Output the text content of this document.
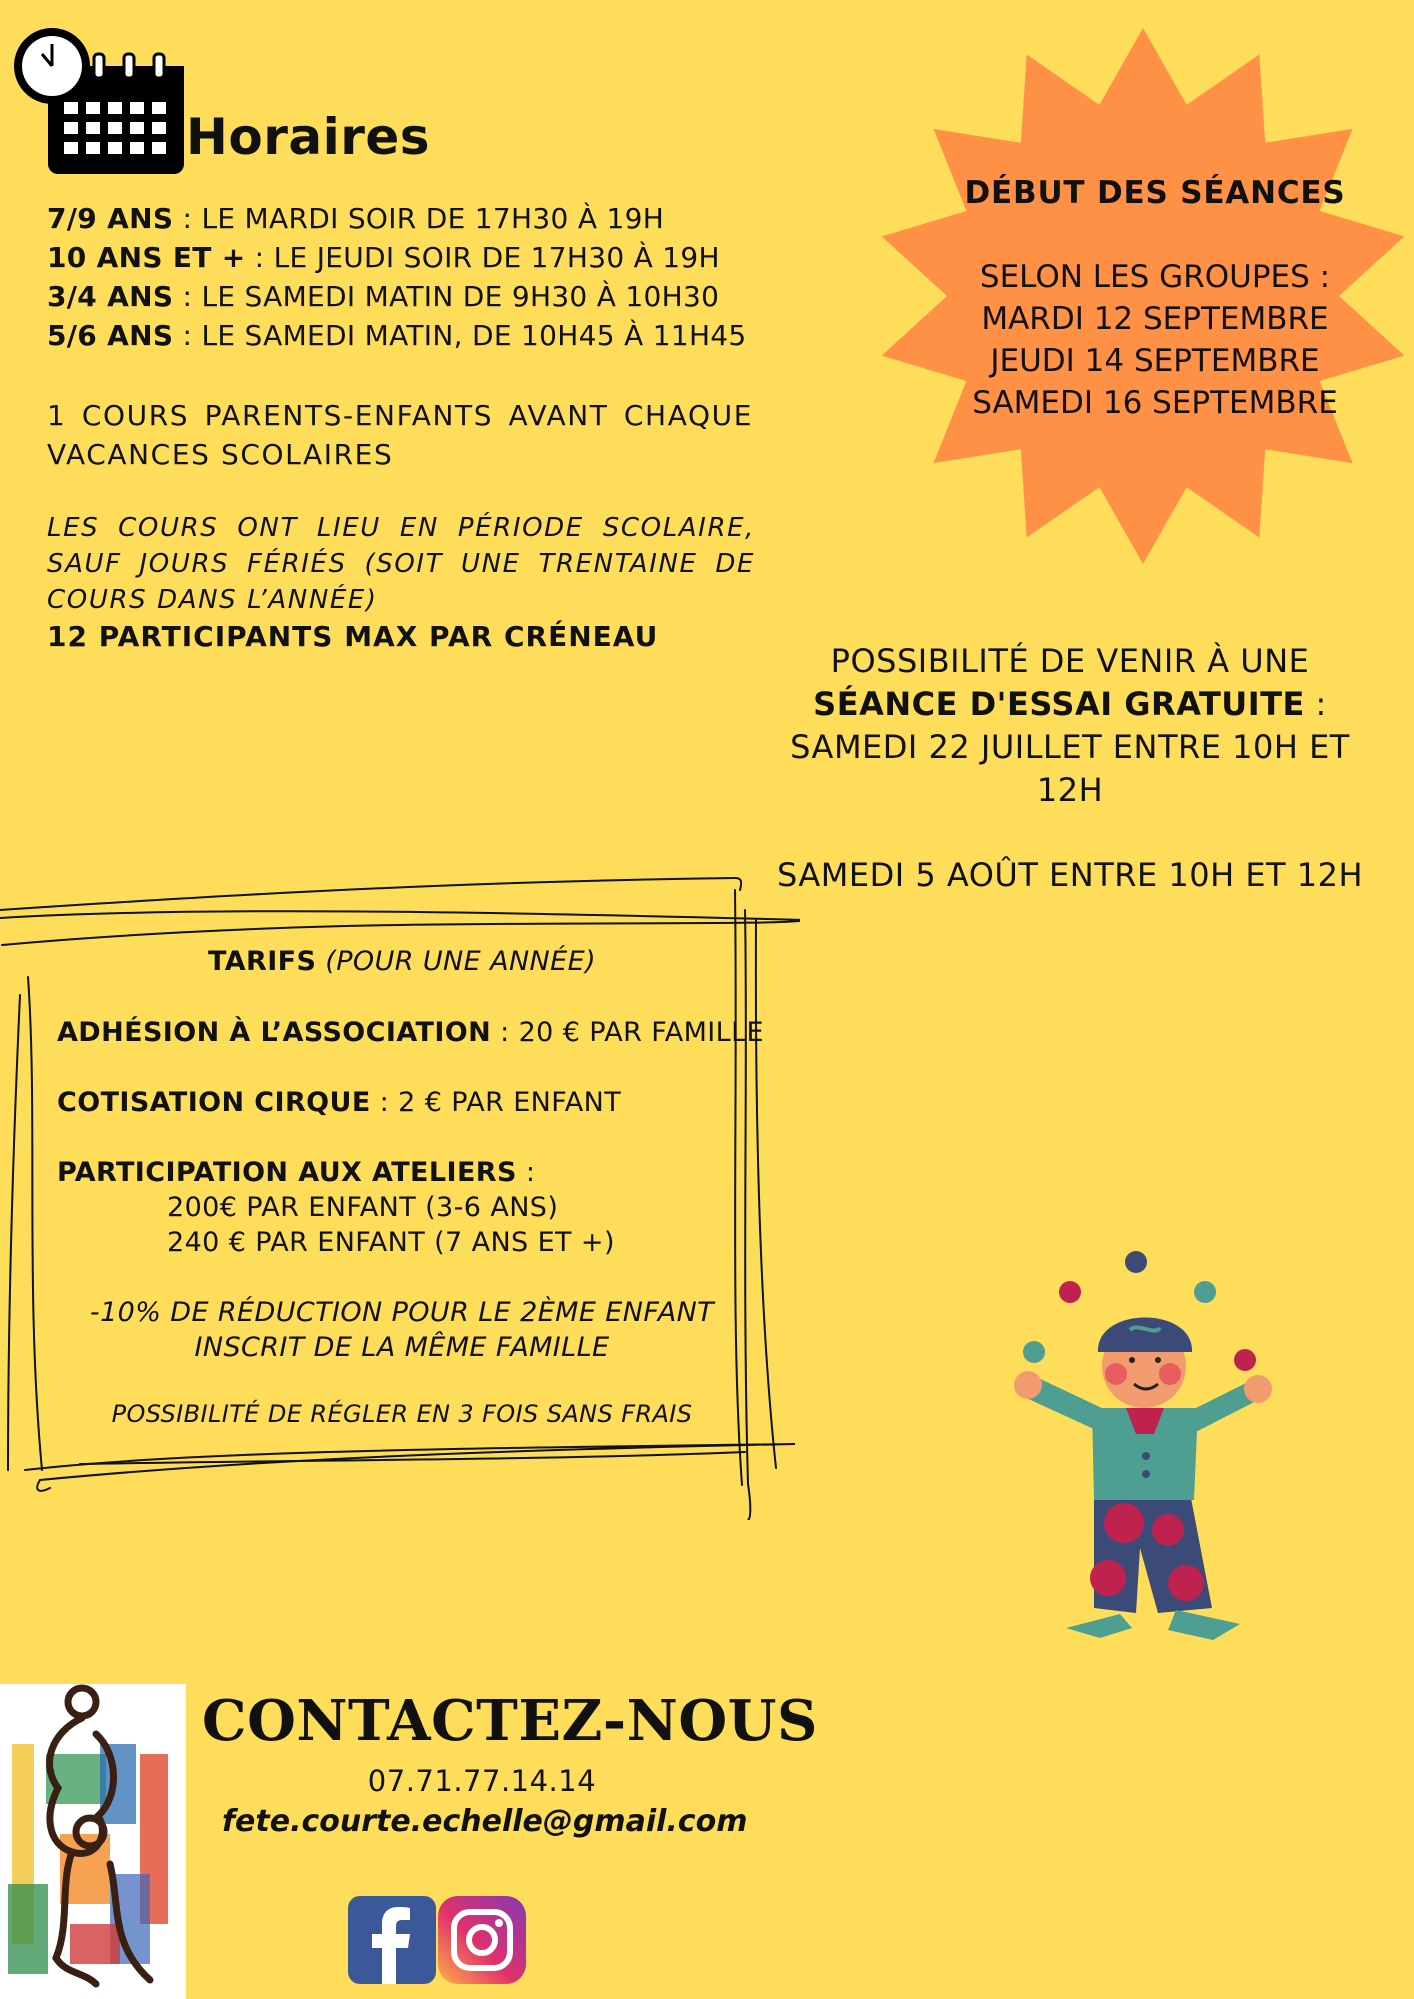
Horaires
7/9 ANS : LE MARDI SOIR DE 17H30 À 19H
10 ANS ET + : LE JEUDI SOIR DE 17H30 À 19H
3/4 ANS : LE SAMEDI MATIN DE 9H30 À 10H30
5/6 ANS : LE SAMEDI MATIN, DE 10H45 À 11H45
1 COURS PARENTS-ENFANTS AVANT CHAQUE VACANCES SCOLAIRES
LES COURS ONT LIEU EN PÉRIODE SCOLAIRE, SAUF JOURS FÉRIÉS (SOIT UNE TRENTAINE DE COURS DANS L’ANNÉE)
12 PARTICIPANTS MAX PAR CRÉNEAU
DÉBUT DES SÉANCES
SELON LES GROUPES :
MARDI 12 SEPTEMBRE
JEUDI 14 SEPTEMBRE
SAMEDI 16 SEPTEMBRE
POSSIBILITÉ DE VENIR À UNE
SÉANCE D'ESSAI GRATUITE :
SAMEDI 22 JUILLET ENTRE 10H ET 12H
SAMEDI 5 AOÛT ENTRE 10H ET 12H
TARIFS (POUR UNE ANNÉE)
ADHÉSION À L’ASSOCIATION : 20 € PAR FAMILLE
COTISATION CIRQUE : 2 € PAR ENFANT
PARTICIPATION AUX ATELIERS :
200€ PAR ENFANT (3-6 ANS)
240 € PAR ENFANT (7 ANS ET +)
-10% DE RÉDUCTION POUR LE 2ÈME ENFANT
INSCRIT DE LA MÊME FAMILLE
POSSIBILITÉ DE RÉGLER EN 3 FOIS SANS FRAIS
CONTACTEZ-NOUS
07.71.77.14.14
fete.courte.echelle@gmail.com
